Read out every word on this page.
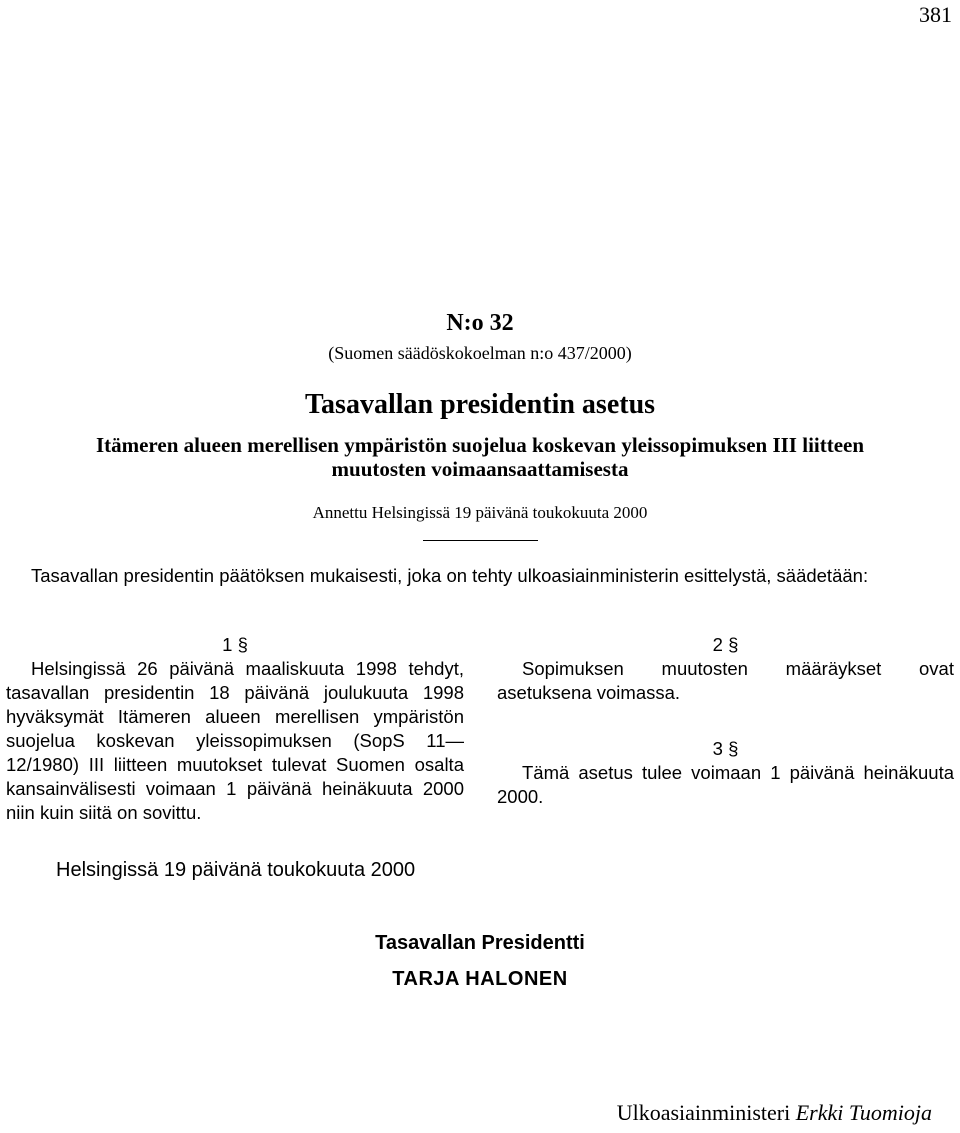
381
N:o 32
(Suomen säädöskokoelman n:o 437/2000)
Tasavallan presidentin asetus
Itämeren alueen merellisen ympäristön suojelua koskevan yleissopimuksen III liitteen
muutosten voimaansaattamisesta
Annettu Helsingissä 19 päivänä toukokuuta 2000
Tasavallan presidentin päätöksen mukaisesti, joka on tehty ulkoasiainministerin esittelystä, säädetään:
1 §
Helsingissä 26 päivänä maaliskuuta 1998 tehdyt, tasavallan presidentin 18 päivänä joulukuuta 1998 hyväksymät Itämeren alueen merellisen ympäristön suojelua koskevan yleissopimuksen (SopS 11—12/1980) III liitteen muutokset tulevat Suomen osalta kansainvälisesti voimaan 1 päivänä heinäkuuta 2000 niin kuin siitä on sovittu.
2 §
Sopimuksen muutosten määräykset ovat asetuksena voimassa.
3 §
Tämä asetus tulee voimaan 1 päivänä heinäkuuta 2000.
Helsingissä 19 päivänä toukokuuta 2000
Tasavallan Presidentti
TARJA HALONEN
Ulkoasiainministeri Erkki Tuomioja
